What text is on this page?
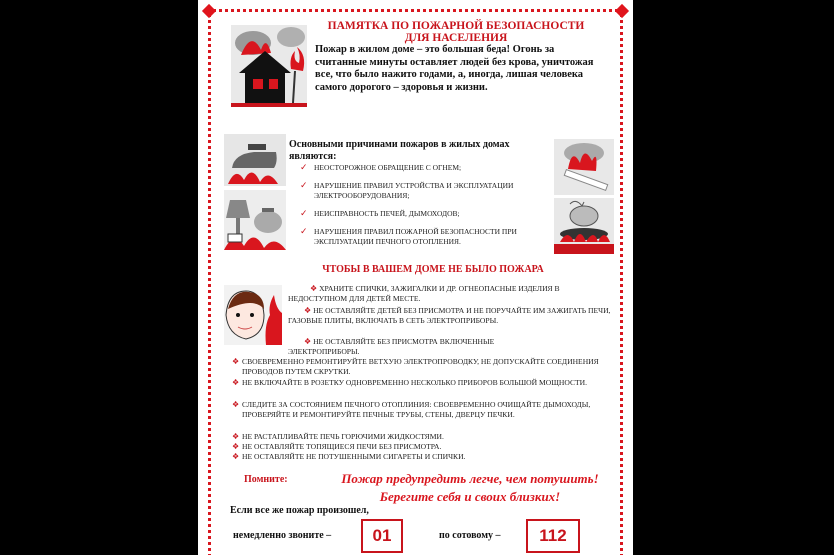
ПАМЯТКА ПО ПОЖАРНОЙ БЕЗОПАСНОСТИ
ДЛЯ НАСЕЛЕНИЯ
Пожар в жилом доме – это большая беда! Огонь за считанные минуты оставляет людей без крова, уничтожая все, что было нажито годами, а, иногда, лишая человека самого дорогого – здоровья и жизни.
Основными причинами пожаров в жилых домах являются:
✓ НЕОСТОРОЖНОЕ ОБРАЩЕНИЕ С ОГНЕМ;
✓ НАРУШЕНИЕ ПРАВИЛ УСТРОЙСТВА И ЭКСПЛУАТАЦИИ ЭЛЕКТРООБОРУДОВАНИЯ;
✓ НЕИСПРАВНОСТЬ ПЕЧЕЙ, ДЫМОХОДОВ;
✓ НАРУШЕНИЯ ПРАВИЛ ПОЖАРНОЙ БЕЗОПАСНОСТИ ПРИ ЭКСПЛУАТАЦИИ ПЕЧНОГО ОТОПЛЕНИЯ.
ЧТОБЫ В ВАШЕМ ДОМЕ НЕ БЫЛО ПОЖАРА
❖ ХРАНИТЕ СПИЧКИ, ЗАЖИГАЛКИ И ДР. ОГНЕОПАСНЫЕ ИЗДЕЛИЯ В НЕДОСТУПНОМ ДЛЯ ДЕТЕЙ МЕСТЕ.
❖ НЕ ОСТАВЛЯЙТЕ ДЕТЕЙ БЕЗ ПРИСМОТРА И НЕ ПОРУЧАЙТЕ ИМ ЗАЖИГАТЬ ПЕЧИ, ГАЗОВЫЕ ПЛИТЫ, ВКЛЮЧАТЬ В СЕТЬ ЭЛЕКТРОПРИБОРЫ.
❖ НЕ ОСТАВЛЯЙТЕ БЕЗ ПРИСМОТРА ВКЛЮЧЕННЫЕ ЭЛЕКТРОПРИБОРЫ.
❖ СВОЕВРЕМЕННО РЕМОНТИРУЙТЕ ВЕТХУЮ ЭЛЕКТРОПРОВОДКУ, НЕ ДОПУСКАЙТЕ СОЕДИНЕНИЯ ПРОВОДОВ ПУТЕМ СКРУТКИ.
❖ НЕ ВКЛЮЧАЙТЕ В РОЗЕТКУ ОДНОВРЕМЕННО НЕСКОЛЬКО ПРИБОРОВ БОЛЬШОЙ МОЩНОСТИ.
❖ СЛЕДИТЕ ЗА СОСТОЯНИЕМ ПЕЧНОГО ОТОПЛИНИЯ: СВОЕВРЕМЕННО ОЧИЩАЙТЕ ДЫМОХОДЫ, ПРОВЕРЯЙТЕ И РЕМОНТИРУЙТЕ ПЕЧНЫЕ ТРУБЫ, СТЕНЫ, ДВЕРЦУ ПЕЧКИ.
❖ НЕ РАСТАПЛИВАЙТЕ ПЕЧЬ ГОРЮЧИМИ ЖИДКОСТЯМИ.
❖ НЕ ОСТАВЛЯЙТЕ ТОПЯЩИЕСЯ ПЕЧИ БЕЗ ПРИСМОТРА.
❖ НЕ ОСТАВЛЯЙТЕ НЕ ПОТУШЕННЫМИ СИГАРЕТЫ И СПИЧКИ.
Помните:	Пожар предупредить легче, чем потушить!
Берегите себя и своих близких!
Если все же пожар произошел,
немедленно звоните –	01	по сотовому –	112
